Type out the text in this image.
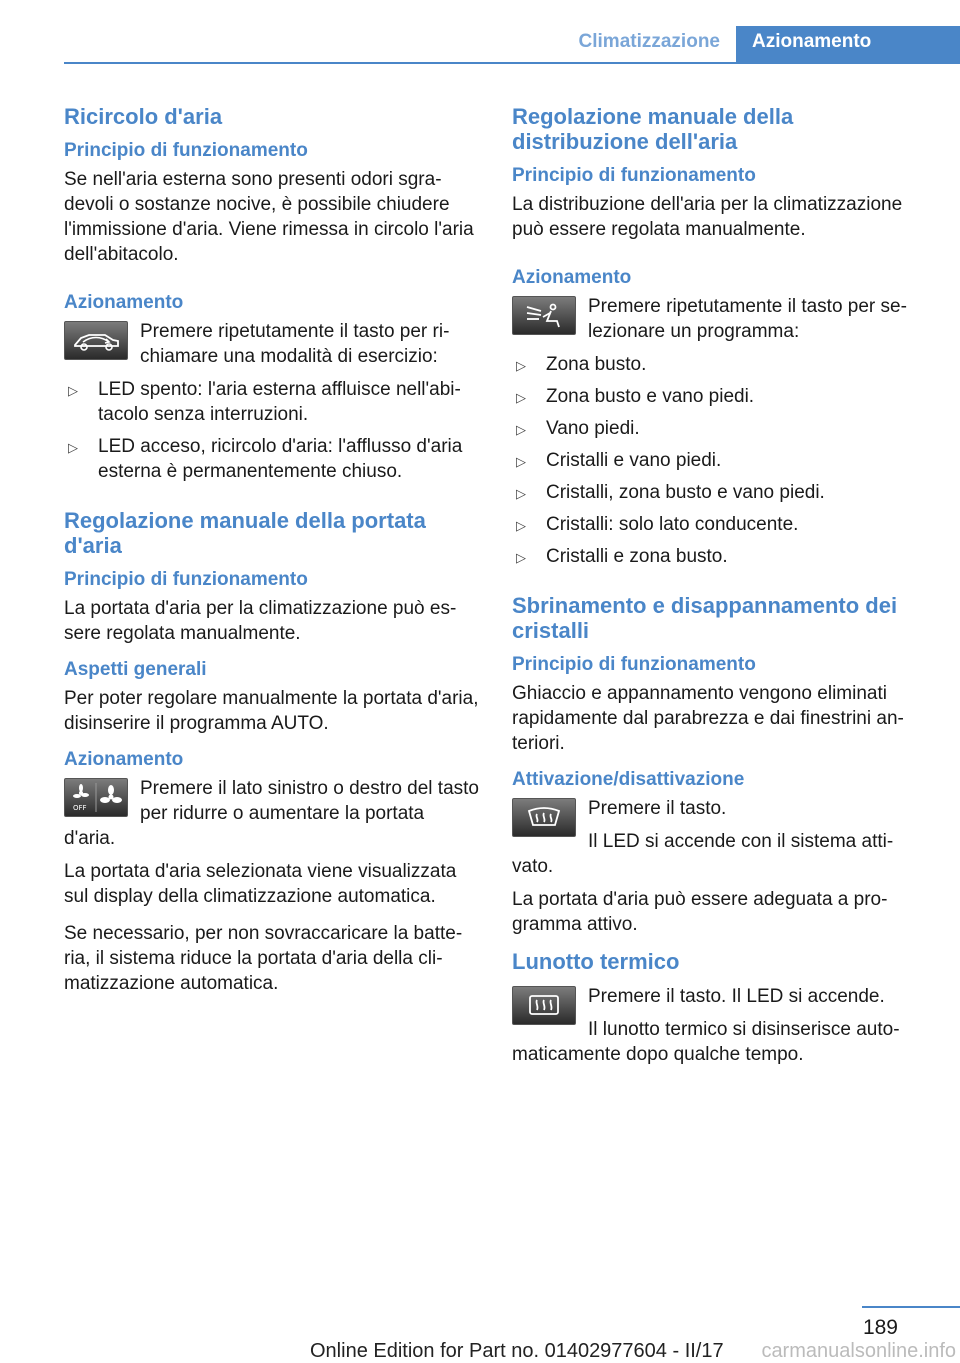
Climatizzazione	Azionamento
Ricircolo d'aria
Principio di funzionamento

Se nell'aria esterna sono presenti odori sgradevoli o sostanze nocive, è possibile chiudere l'immissione d'aria. Viene rimessa in circolo l'aria dell'abitacolo.

Azionamento

Premere ripetutamente il tasto per richiamare una modalità di esercizio:

▷ LED spento: l'aria esterna affluisce nell'abitacolo senza interruzioni.
▷ LED acceso, ricircolo d'aria: l'afflusso d'aria esterna è permanentemente chiuso.
Regolazione manuale della portata d'aria
Principio di funzionamento

La portata d'aria per la climatizzazione può essere regolata manualmente.

Aspetti generali

Per poter regolare manualmente la portata d'aria, disinserire il programma AUTO.

Azionamento
OFF

Premere il lato sinistro o destro del tasto per ridurre o aumentare la portata d'aria.

La portata d'aria selezionata viene visualizzata sul display della climatizzazione automatica.

Se necessario, per non sovraccaricare la batteria, il sistema riduce la portata d'aria della climatizzazione automatica.

Regolazione manuale della distribuzione dell'aria
Principio di funzionamento

La distribuzione dell'aria per la climatizzazione può essere regolata manualmente.

Azionamento

Premere ripetutamente il tasto per selezionare un programma:

▷ Zona busto.
▷ Zona busto e vano piedi.
▷ Vano piedi.
▷ Cristalli e vano piedi.
▷ Cristalli, zona busto e vano piedi.
▷ Cristalli: solo lato conducente.
▷ Cristalli e zona busto.
Sbrinamento e disappannamento dei cristalli
Principio di funzionamento

Ghiaccio e appannamento vengono eliminati rapidamente dal parabrezza e dai finestrini anteriori.

Attivazione/disattivazione

Premere il tasto.

Il LED si accende con il sistema attivato.

La portata d'aria può essere adeguata a programma attivo.

Lunotto termico

Premere il tasto. Il LED si accende.

Il lunotto termico si disinserisce automaticamente dopo qualche tempo.

189
Online Edition for Part no. 01402977604 - II/17 carmanualsonline.info
